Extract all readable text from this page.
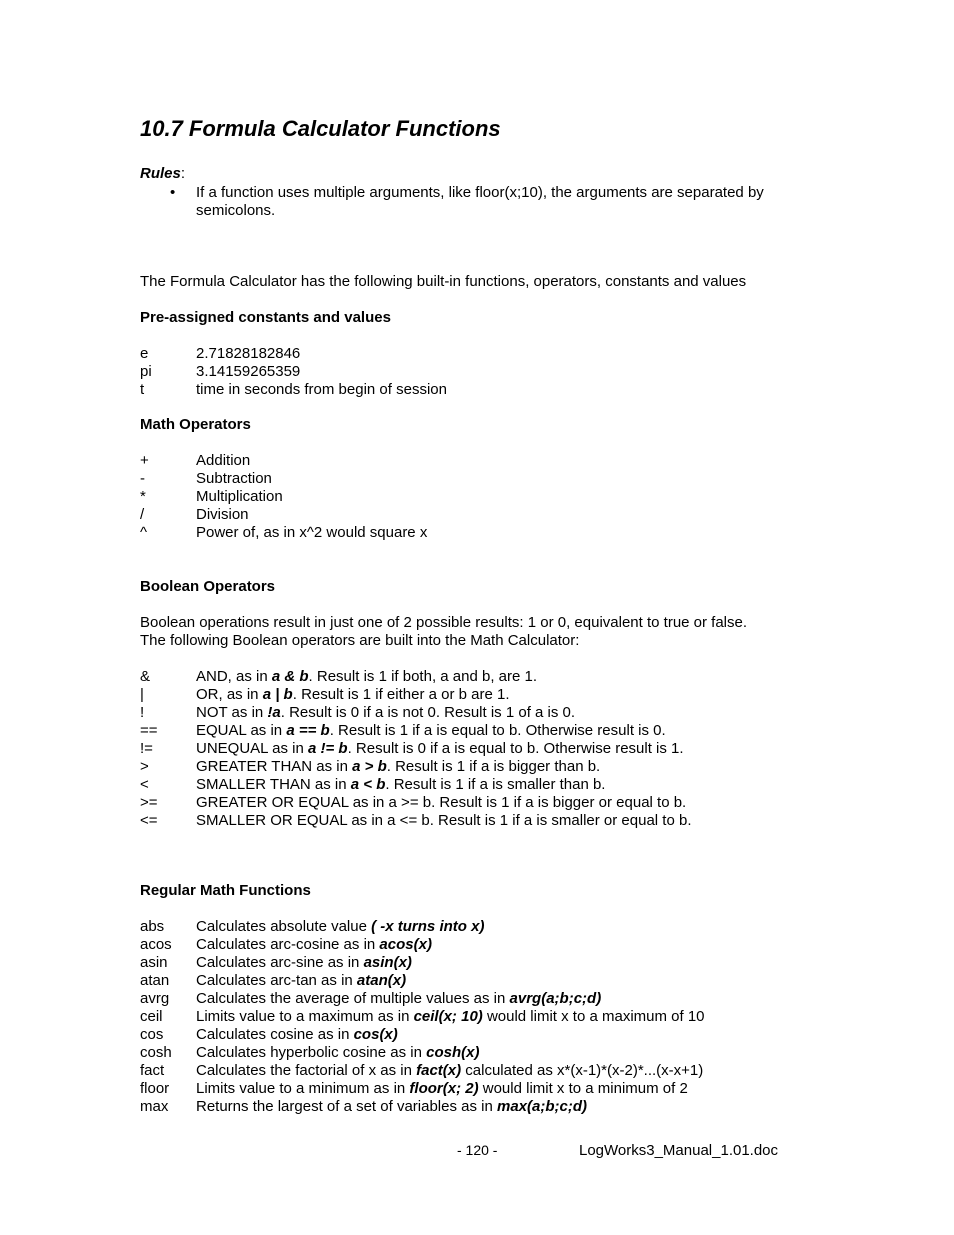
10.7 Formula Calculator Functions
Rules:
• If a function uses multiple arguments, like floor(x;10), the arguments are separated by semicolons.
The Formula Calculator has the following built-in functions, operators, constants and values
Pre-assigned constants and values
e	2.71828182846
pi	3.14159265359
t	time in seconds from begin of session
Math Operators
+	Addition
-	Subtraction
*	Multiplication
/	Division
^	Power of, as in x^2 would square x
Boolean Operators
Boolean operations result in just one of 2 possible results: 1 or 0, equivalent to true or false.
The following Boolean operators are built into the Math Calculator:
&	AND, as in a & b. Result is 1 if both, a and b, are 1.
|	OR, as in a | b. Result is 1 if either a or b are 1.
!	NOT as in !a. Result is 0 if a is not 0. Result is 1 of a is 0.
==	EQUAL as in a == b. Result is 1 if a is equal to b. Otherwise result is 0.
!=	UNEQUAL as in a != b. Result is 0 if a is equal to b. Otherwise result is 1.
>	GREATER THAN as in a > b. Result is 1 if a is bigger than b.
<	SMALLER THAN as in a < b. Result is 1 if a is smaller than b.
>=	GREATER OR EQUAL as in a >= b. Result is 1 if a is bigger or equal to b.
<=	SMALLER OR EQUAL as in a <= b. Result is 1 if a is smaller or equal to b.
Regular Math Functions
abs Calculates absolute value ( -x turns into x)
acos Calculates arc-cosine as in acos(x)
asin Calculates arc-sine as in asin(x)
atan Calculates arc-tan as in atan(x)
avrg Calculates the average of multiple values as in avrg(a;b;c;d)
ceil Limits value to a maximum as in ceil(x; 10) would limit x to a maximum of 10
cos Calculates cosine as in cos(x)
cosh Calculates hyperbolic cosine as in cosh(x)
fact Calculates the factorial of x as in fact(x) calculated as x*(x-1)*(x-2)*...(x-x+1)
floor Limits value to a minimum as in floor(x; 2) would limit x to a minimum of 2
max Returns the largest of a set of variables as in max(a;b;c;d)
- 120 -	LogWorks3_Manual_1.01.doc
